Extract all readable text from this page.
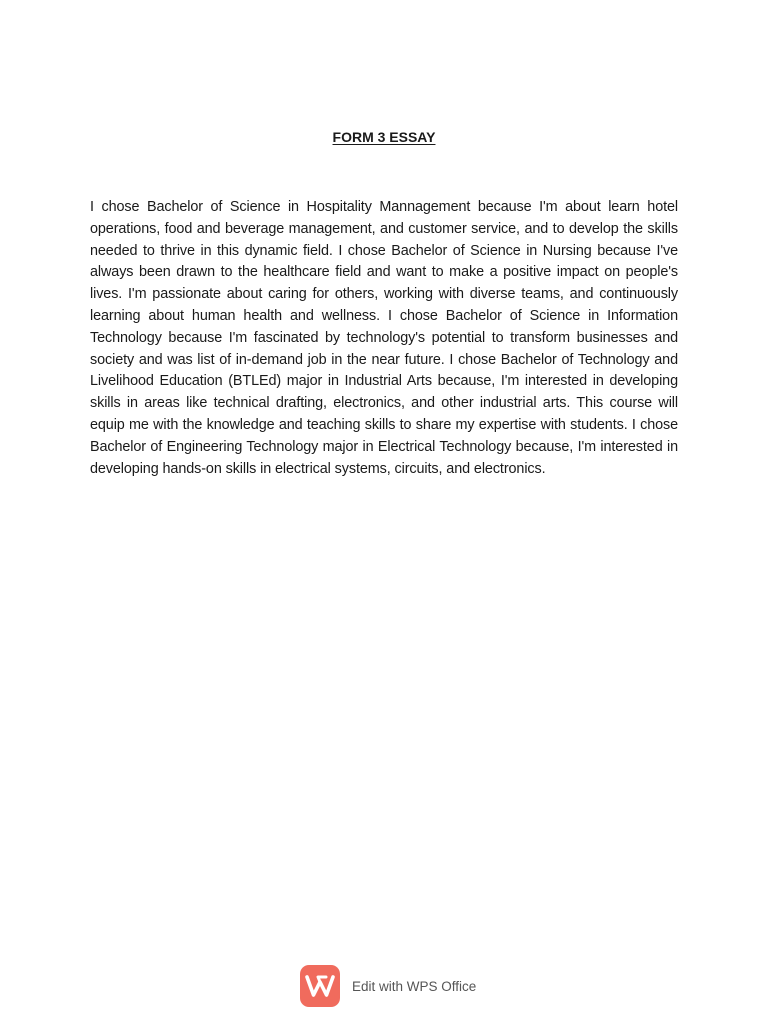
FORM 3 ESSAY

I chose Bachelor of Science in Hospitality Mannagement because I'm about learn hotel operations, food and beverage management, and customer service, and to develop the skills needed to thrive in this dynamic field. I chose Bachelor of Science in Nursing because I've always been drawn to the healthcare field and want to make a positive impact on people's lives. I'm passionate about caring for others, working with diverse teams, and continuously learning about human health and wellness. I chose Bachelor of Science in Information Technology because I'm fascinated by technology's potential to transform businesses and society and was list of in-demand job in the near future. I chose Bachelor of Technology and Livelihood Education (BTLEd) major in Industrial Arts because, I'm interested in developing skills in areas like technical drafting, electronics, and other industrial arts. This course will equip me with the knowledge and teaching skills to share my expertise with students. I chose Bachelor of Engineering Technology major in Electrical Technology because, I'm interested in developing hands-on skills in electrical systems, circuits, and electronics.

Edit with WPS Office
